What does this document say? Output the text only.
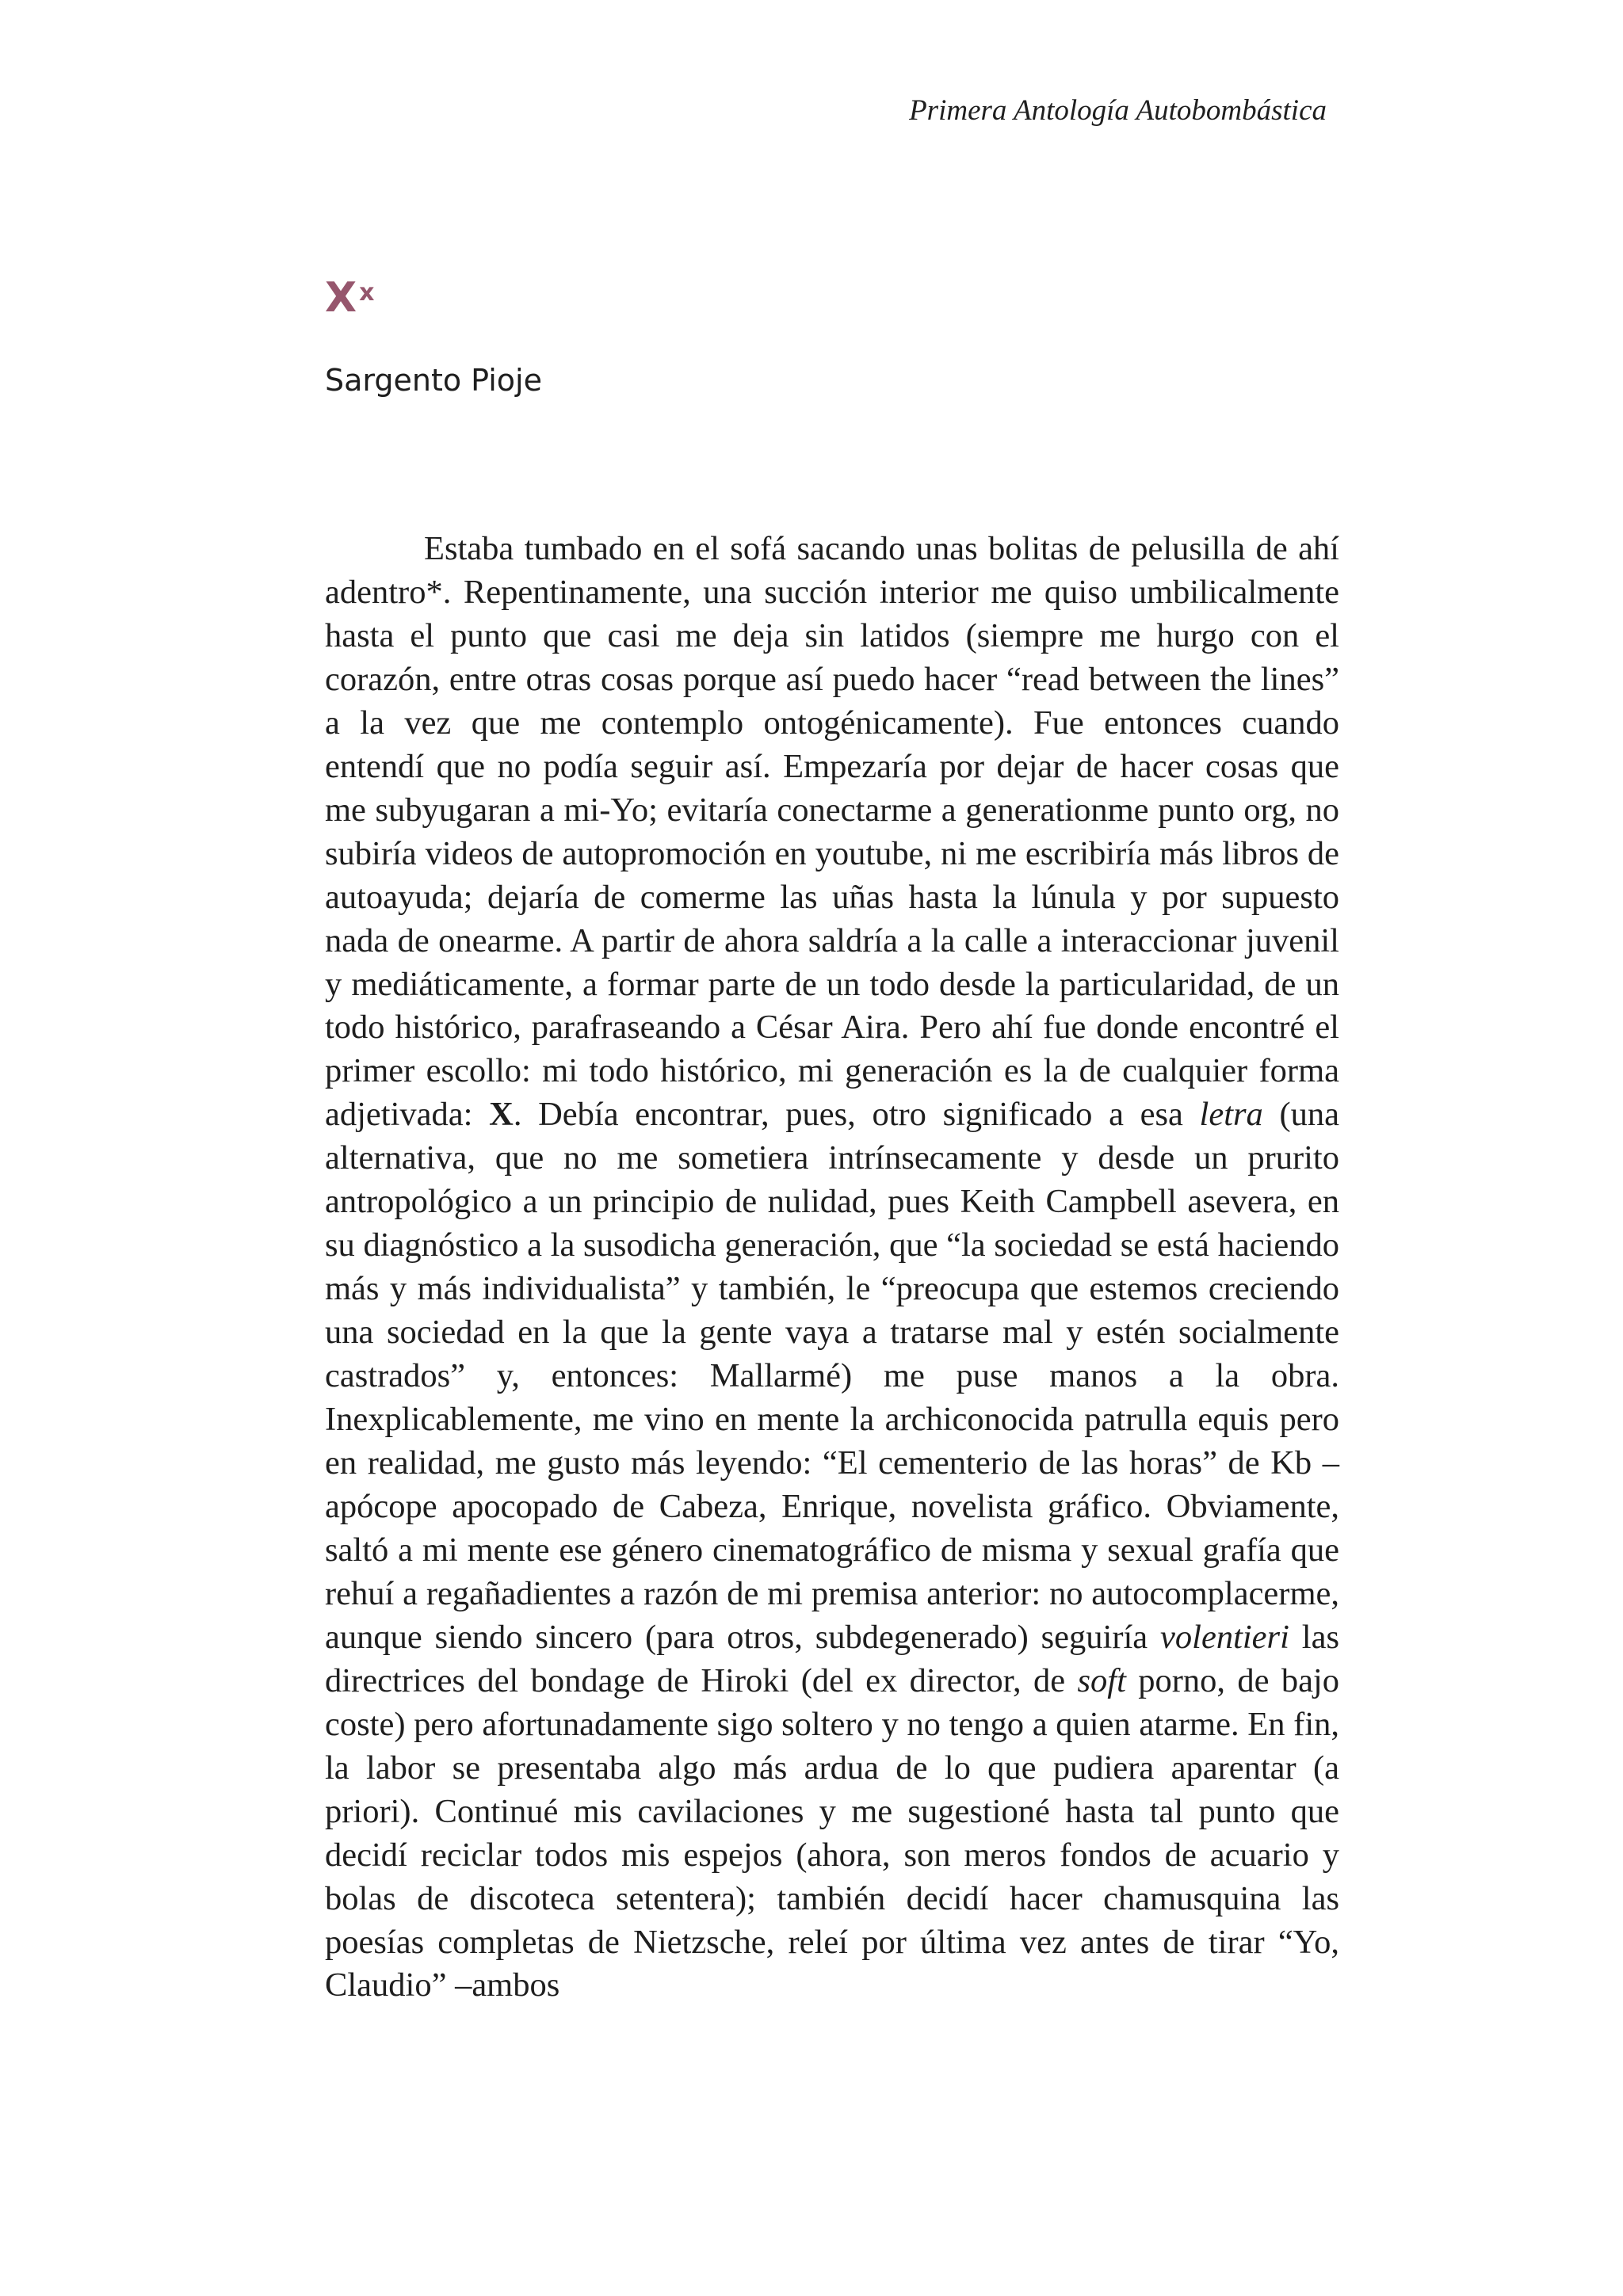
Primera Antología Autobombástica
X $^x$
Sargento Pioje

Estaba tumbado en el sofá sacando unas bolitas de pelusilla de ahí adentro*. Repentinamente, una succión interior me quiso umbilicalmente hasta el punto que casi me deja sin latidos (siempre me hurgo con el corazón, entre otras cosas porque así puedo hacer “read between the lines” a la vez que me contemplo ontogénicamente). Fue entonces cuando entendí que no podía seguir así. Empezaría por dejar de hacer cosas que me subyugaran a mi-Yo; evitaría conectarme a generationme punto org, no subiría videos de autopromoción en youtube, ni me escribiría más libros de autoayuda; dejaría de comerme las uñas hasta la lúnula y por supuesto nada de onearme. A partir de ahora saldría a la calle a interaccionar juvenil y mediáticamente, a formar parte de un todo desde la particularidad, de un todo histórico, parafraseando a César Aira. Pero ahí fue donde encontré el primer escollo: mi todo histórico, mi generación es la de cualquier forma adjetivada: X. Debía encontrar, pues, otro significado a esa letra (una alternativa, que no me sometiera intrínsecamente y desde un prurito antropológico a un principio de nulidad, pues Keith Campbell asevera, en su diagnóstico a la susodicha generación, que “la sociedad se está haciendo más y más individualista” y también, le “preocupa que estemos creciendo una sociedad en la que la gente vaya a tratarse mal y estén socialmente castrados” y, entonces: Mallarmé) me puse manos a la obra. Inexplicablemente, me vino en mente la archiconocida patrulla equis pero en realidad, me gusto más leyendo: “El cementerio de las horas” de Kb –apócope apocopado de Cabeza, Enrique, novelista gráfico. Obviamente, saltó a mi mente ese género cinematográfico de misma y sexual grafía que rehuí a regañadientes a razón de mi premisa anterior: no autocomplacerme, aunque siendo sincero (para otros, subdegenerado) seguiría volentieri las directrices del bondage de Hiroki (del ex director, de soft porno, de bajo coste) pero afortunadamente sigo soltero y no tengo a quien atarme. En fin, la labor se presentaba algo más ardua de lo que pudiera aparentar (a priori). Continué mis cavilaciones y me sugestioné hasta tal punto que decidí reciclar todos mis espejos (ahora, son meros fondos de acuario y bolas de discoteca setentera); también decidí hacer chamusquina las poesías completas de Nietzsche, releí por última vez antes de tirar “Yo, Claudio” –ambos
